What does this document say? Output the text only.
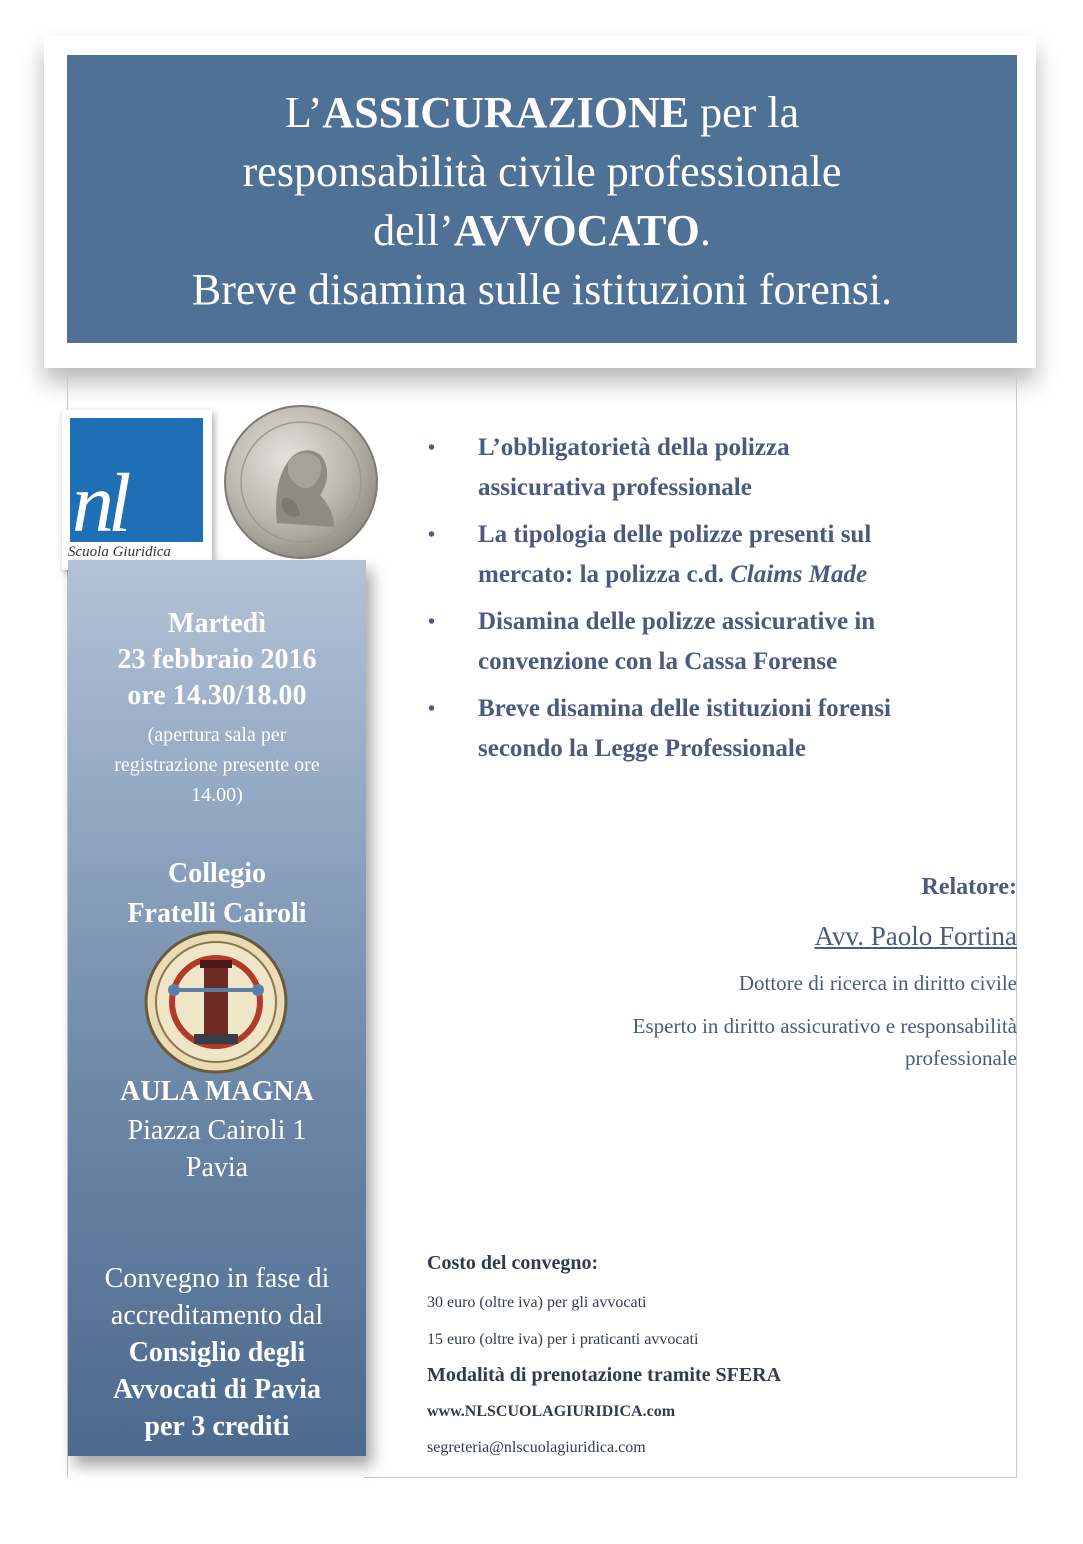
L’ASSICURAZIONE per la
responsabilità civile professionale
dell’AVVOCATO.
Breve disamina sulle istituzioni forensi.
nl
Scuola Giuridica
Martedì
23 febbraio 2016
ore 14.30/18.00
(apertura sala per registrazione presente ore 14.00)
Collegio
Fratelli Cairoli
AULA MAGNA
Piazza Cairoli 1
Pavia
Convegno in fase di
accreditamento dal
Consiglio degli
Avvocati di Pavia
per 3 crediti
• L’obbligatorietà della polizza
assicurativa professionale
• La tipologia delle polizze presenti sul
mercato: la polizza c.d. Claims Made
• Disamina delle polizze assicurative in
convenzione con la Cassa Forense
• Breve disamina delle istituzioni forensi
secondo la Legge Professionale
Relatore:
Avv. Paolo Fortina
Dottore di ricerca in diritto civile
Esperto in diritto assicurativo e responsabilità
professionale
Costo del convegno:
30 euro (oltre iva) per gli avvocati
15 euro (oltre iva) per i praticanti avvocati
Modalità di prenotazione tramite SFERA
www.NLSCUOLAGIURIDICA.com
segreteria@nlscuolagiuridica.com
